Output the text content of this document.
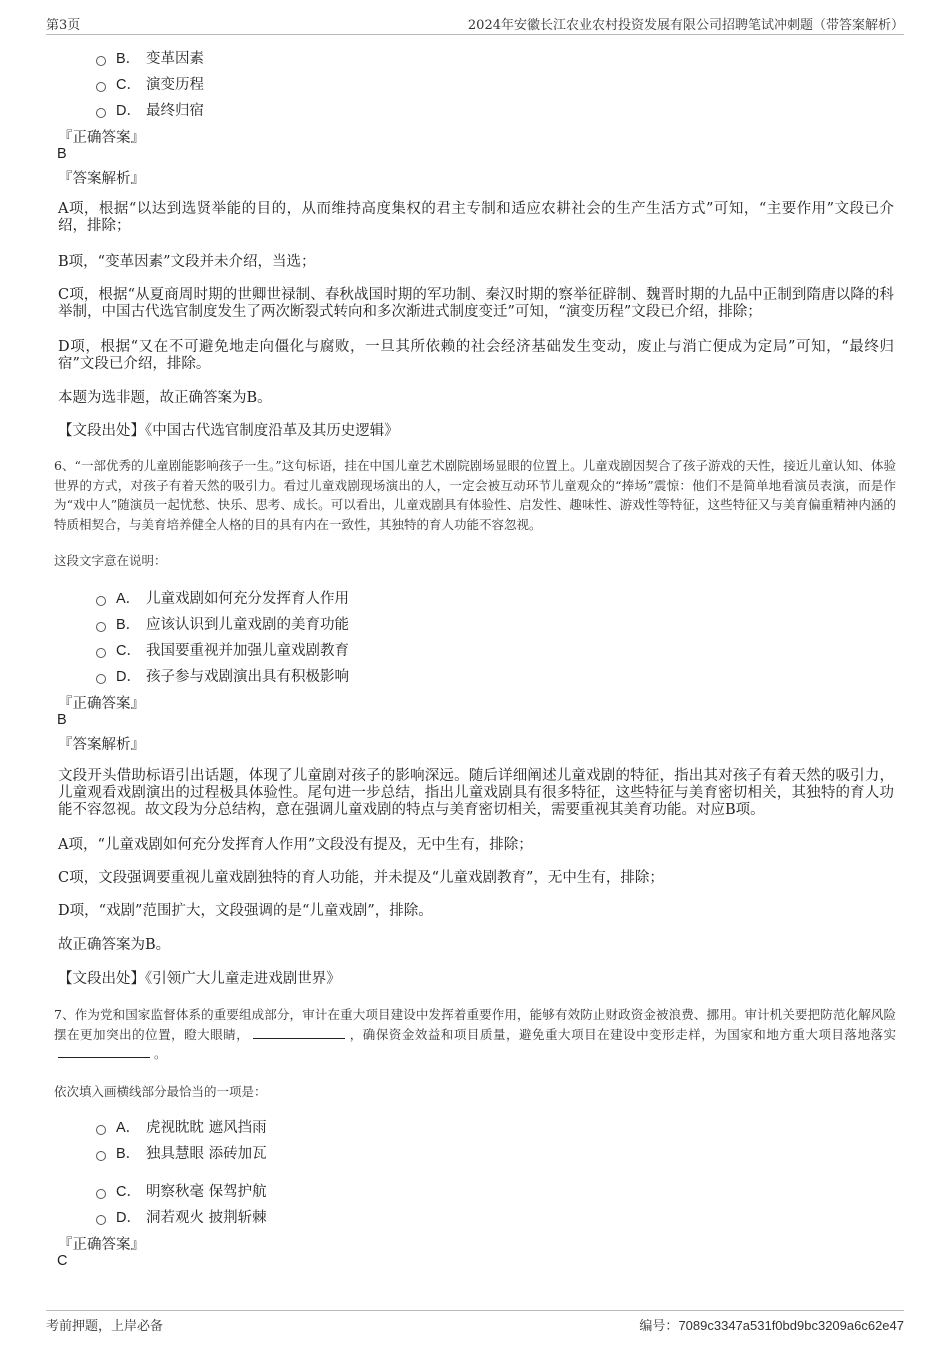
第3页	2024年安徽长江农业农村投资发展有限公司招聘笔试冲刺题（带答案解析）
B． 变革因素
C． 演变历程
D． 最终归宿
『正确答案』
B
『答案解析』
A项，根据“以达到选贤举能的目的，从而维持高度集权的君主专制和适应农耕社会的生产生活方式”可知，“主要作用”文段已介绍，排除；
B项，“变革因素”文段并未介绍，当选；
C项，根据“从夏商周时期的世卿世禄制、春秋战国时期的军功制、秦汉时期的察举征辟制、魏晋时期的九品中正制到隋唐以降的科举制，中国古代选官制度发生了两次断裂式转向和多次渐进式制度变迁”可知，“演变历程”文段已介绍，排除；
D项，根据“又在不可避免地走向僵化与腐败，一旦其所依赖的社会经济基础发生变动，废止与消亡便成为定局”可知，“最终归宿”文段已介绍，排除。
本题为选非题，故正确答案为B。
【文段出处】《中国古代选官制度沿革及其历史逻辑》
6、“一部优秀的儿童剧能影响孩子一生。”这句标语，挂在中国儿童艺术剧院剧场显眼的位置上。儿童戏剧因契合了孩子游戏的天性，接近儿童认知、体验世界的方式，对孩子有着天然的吸引力。看过儿童戏剧现场演出的人，一定会被互动环节儿童观众的“捧场”震惊：他们不是简单地看演员表演，而是作为“戏中人”随演员一起忧愁、快乐、思考、成长。可以看出，儿童戏剧具有体验性、启发性、趣味性、游戏性等特征，这些特征又与美育偏重精神内涵的特质相契合，与美育培养健全人格的目的具有内在一致性，其独特的育人功能不容忽视。
这段文字意在说明：
A． 儿童戏剧如何充分发挥育人作用
B． 应该认识到儿童戏剧的美育功能
C． 我国要重视并加强儿童戏剧教育
D． 孩子参与戏剧演出具有积极影响
『正确答案』
B
『答案解析』
文段开头借助标语引出话题，体现了儿童剧对孩子的影响深远。随后详细阐述儿童戏剧的特征，指出其对孩子有着天然的吸引力，儿童观看戏剧演出的过程极具体验性。尾句进一步总结，指出儿童戏剧具有很多特征，这些特征与美育密切相关，其独特的育人功能不容忽视。故文段为分总结构，意在强调儿童戏剧的特点与美育密切相关，需要重视其美育功能。对应B项。
A项，“儿童戏剧如何充分发挥育人作用”文段没有提及，无中生有，排除；
C项，文段强调要重视儿童戏剧独特的育人功能，并未提及“儿童戏剧教育”，无中生有，排除；
D项，“戏剧”范围扩大，文段强调的是“儿童戏剧”，排除。
故正确答案为B。
【文段出处】《引领广大儿童走进戏剧世界》
7、作为党和国家监督体系的重要组成部分，审计在重大项目建设中发挥着重要作用，能够有效防止财政资金被浪费、挪用。审计机关要把防范化解风险摆在更加突出的位置，瞪大眼睛，	，确保资金效益和项目质量，避免重大项目在建设中变形走样，为国家和地方重大项目落地落实。
依次填入画横线部分最恰当的一项是：
A． 虎视眈眈 遮风挡雨
B． 独具慧眼 添砖加瓦
C． 明察秋毫 保驾护航
D． 洞若观火 披荆斩棘
『正确答案』
C
考前押题，上岸必备	编号：7089c3347a531f0bd9bc3209a6c62e47
